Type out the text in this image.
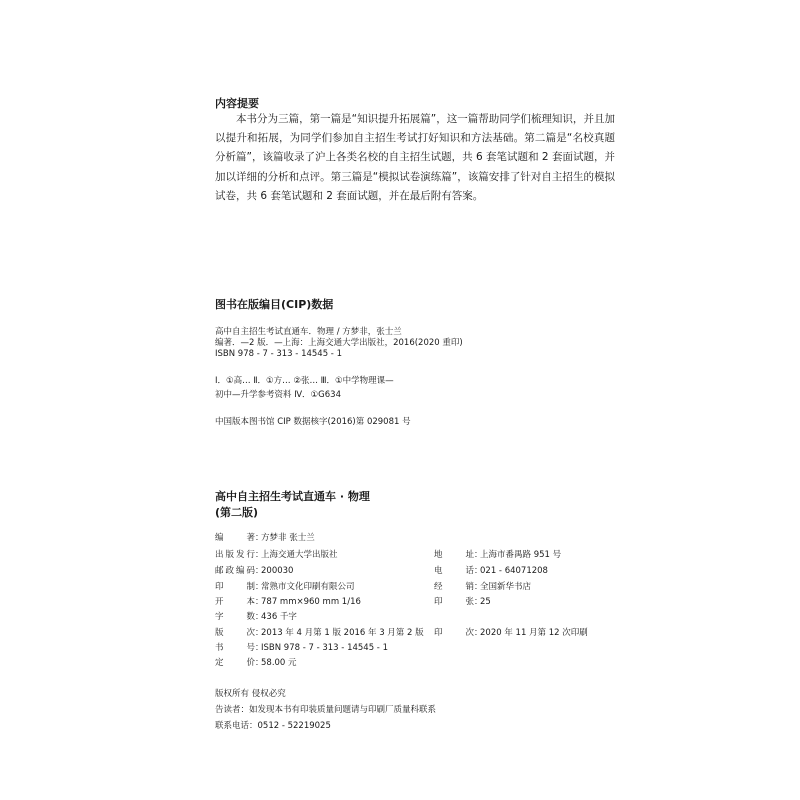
内容提要

本书分为三篇，第一篇是“知识提升拓展篇”，这一篇帮助同学们梳理知识，并且加以提升和拓展，为同学们参加自主招生考试打好知识和方法基础。第二篇是“名校真题分析篇”，该篇收录了沪上各类名校的自主招生试题，共 6 套笔试题和 2 套面试题，并加以详细的分析和点评。第三篇是“模拟试卷演练篇”，该篇安排了针对自主招生的模拟试卷，共 6 套笔试题和 2 套面试题，并在最后附有答案。

图书在版编目(CIP)数据
高中自主招生考试直通车．物理 / 方梦非，张士兰
编著．—2 版．—上海：上海交通大学出版社，2016(2020 重印)
ISBN 978 - 7 - 313 - 14545 - 1
Ⅰ．①高… Ⅱ．①方… ②张… Ⅲ．①中学物理课—
初中—升学参考资料 Ⅳ．①G634
中国版本图书馆 CIP 数据核字(2016)第 029081 号
高中自主招生考试直通车 · 物理
(第二版)
编著：方梦非 张士兰
出版发行：上海交通大学出版社	地址：上海市番禺路 951 号
邮政编码：200030	电话：021 - 64071208
印制：常熟市文化印刷有限公司	经销：全国新华书店
开本：787 mm×960 mm 1/16	印张：25
字数：436 千字
版次：2013 年 4 月第 1 版 2016 年 3 月第 2 版 印次：2020 年 11 月第 12 次印刷
书号：ISBN 978 - 7 - 313 - 14545 - 1
定价：58.00 元
版权所有 侵权必究
告读者：如发现本书有印装质量问题请与印刷厂质量科联系
联系电话：0512 - 52219025
